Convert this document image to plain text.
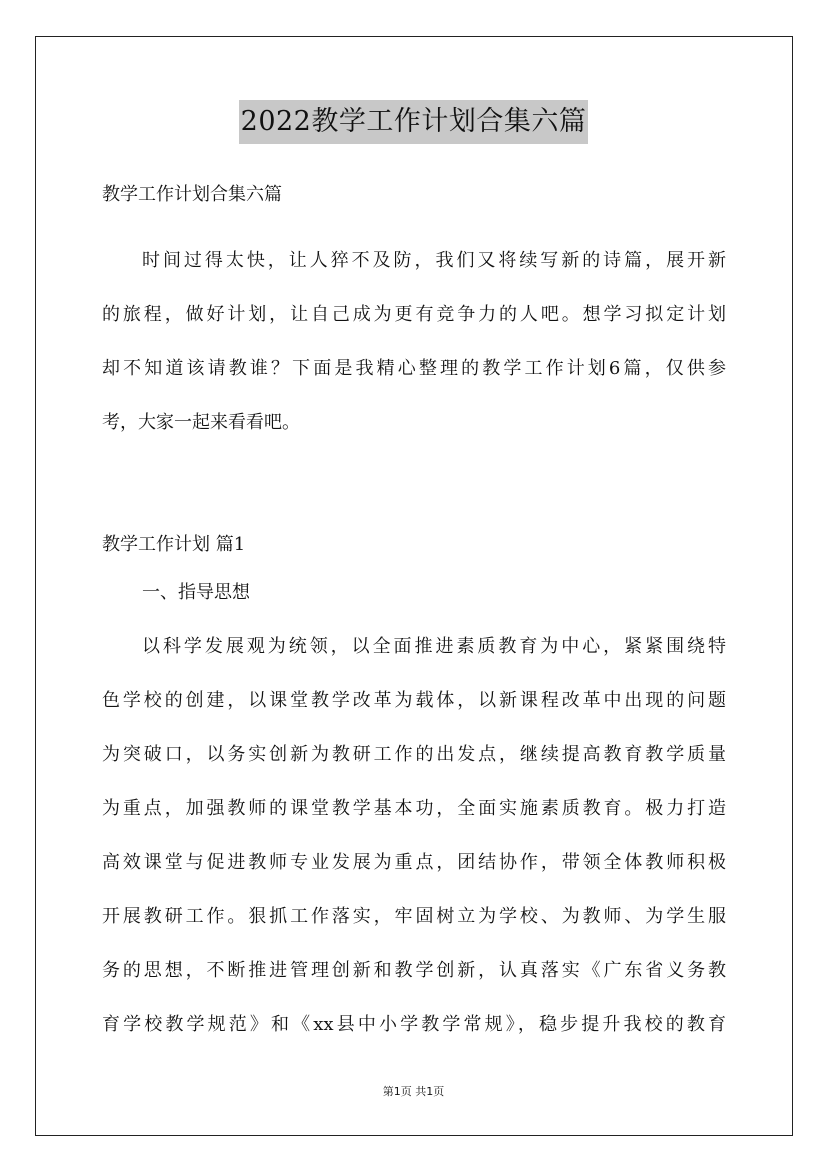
2022教学工作计划合集六篇
教学工作计划合集六篇
时间过得太快，让人猝不及防，我们又将续写新的诗篇，展开新
的旅程，做好计划，让自己成为更有竞争力的人吧。想学习拟定计划
却不知道该请教谁？下面是我精心整理的教学工作计划6篇，仅供参
考，大家一起来看看吧。
教学工作计划 篇1
一、指导思想
以科学发展观为统领，以全面推进素质教育为中心，紧紧围绕特
色学校的创建，以课堂教学改革为载体，以新课程改革中出现的问题
为突破口，以务实创新为教研工作的出发点，继续提高教育教学质量
为重点，加强教师的课堂教学基本功，全面实施素质教育。极力打造
高效课堂与促进教师专业发展为重点，团结协作，带领全体教师积极
开展教研工作。狠抓工作落实，牢固树立为学校、为教师、为学生服
务的思想，不断推进管理创新和教学创新，认真落实《广东省义务教
育学校教学规范》和《xx县中小学教学常规》，稳步提升我校的教育
第1页 共1页
